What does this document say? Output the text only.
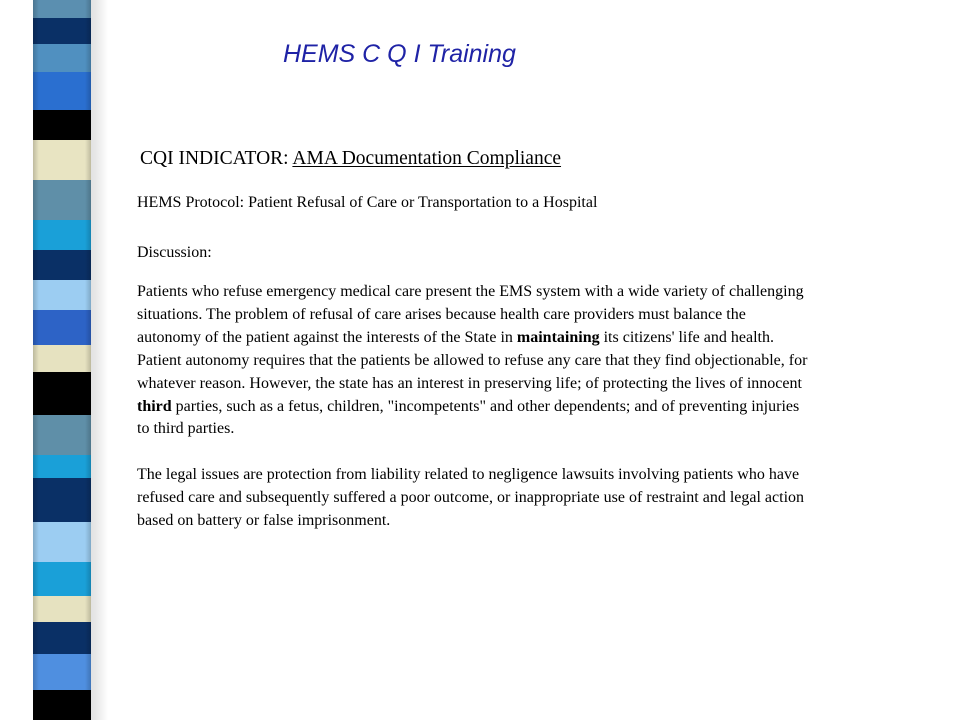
HEMS C Q I Training

CQI INDICATOR: AMA Documentation Compliance

HEMS Protocol: Patient Refusal of Care or Transportation to a Hospital

Discussion:

Patients who refuse emergency medical care present the EMS system with a wide variety of challenging
situations. The problem of refusal of care arises because health care providers must balance the
autonomy of the patient against the interests of the State in maintaining its citizens' life and health.
Patient autonomy requires that the patients be allowed to refuse any care that they find objectionable, for
whatever reason. However, the state has an interest in preserving life; of protecting the lives of innocent
third parties, such as a fetus, children, "incompetents" and other dependents; and of preventing injuries
to third parties.

The legal issues are protection from liability related to negligence lawsuits involving patients who have
refused care and subsequently suffered a poor outcome, or inappropriate use of restraint and legal action
based on battery or false imprisonment.
